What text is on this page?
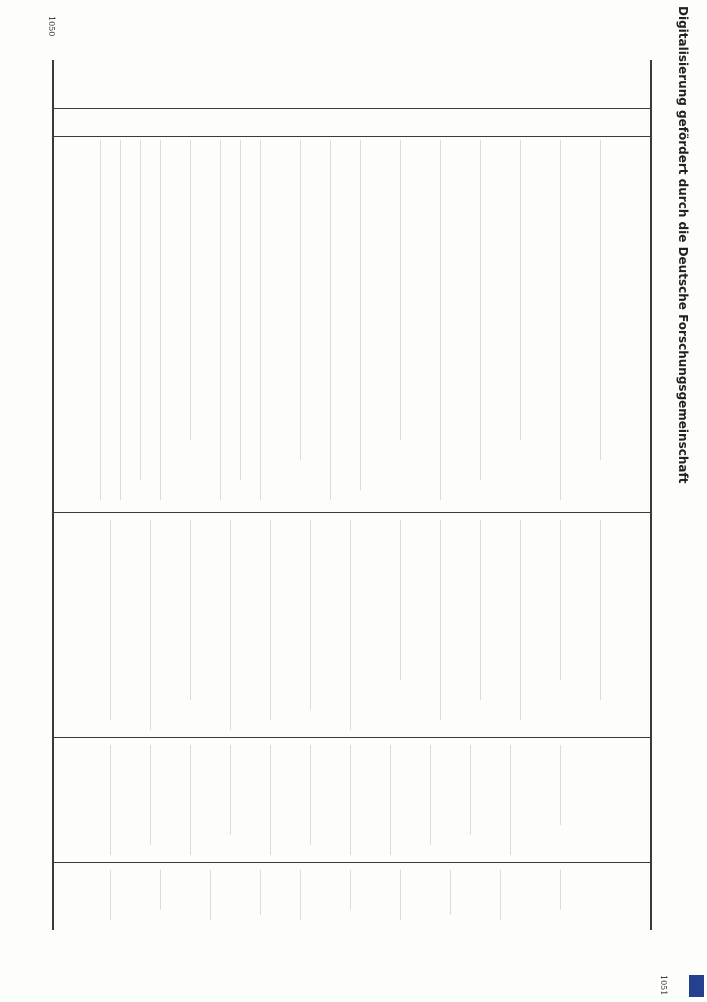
1050
1051
Digitalisierung gefördert durch die Deutsche Forschungsgemeinschaft
